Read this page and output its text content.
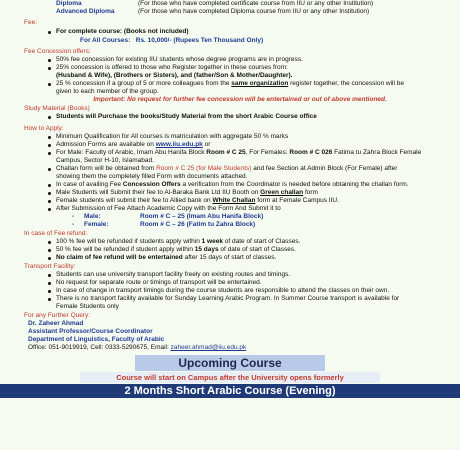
Diploma	(For those who have completed certificate course from IIU or any other Institution)
Advanced Diploma	(For those who have completed Diploma course from IIU or any other Institution)
Fee:
For complete course: (Books not included)
For All Courses: Rs. 10,000/- (Rupees Ten Thousand Only)
Fee Concession offers:
50% fee concession for existing IIU students whose degree programs are in progress.
25% concession is offered to those who Register together in these courses from:
(Husband & Wife), (Brothers or Sisters), and (father/Son & Mother/Daughter).
25 % concession if a group of 5 or more colleagues from the same organization register together, the concession will be
given to each member of the group.
Important: No request for further fee concession will be entertained or out of above mentioned.
Study Material (Books)
Students will Purchase the books/Study Material from the short Arabic Course office
How to Apply:
Minimum Qualification for All courses is matriculation with aggregate 50 % marks
Admission Forms are available on www.iiu.edu.pk or
For Male: Faculty of Arabic, Imam Abu Hanifa Block Room # C 25, For Females: Room # C 026 Fatima tu Zahra Block Female
Campus, Sector H-10, Islamabad.
Challan form will be obtained from Room # C 25 (for Male Students) and fee Section at Admin Block (For Female) after
showing them the completely filled Form with documents attached.
In case of availing Fee Concession Offers a verification from the Coordinator is needed before obtaining the challan form.
Male Students will Submit their fee to Al-Baraka Bank Ltd IIU Booth on Green challan form
Female students will submit their fee to Allied bank on White Challan form at Female Campus IIU.
After Submission of Fee Attach Academic Copy with the Form And Submit it to
- Male:	Room # C – 25 (Imam Abu Hanifa Block)
- Female:	Room # C – 26 (Fatim tu Zahra Block)
In case of Fee refund:
100 % fee will be refunded if students apply within 1 week of date of start of Classes.
50 % fee will be refunded if student apply within 15 days of date of start of Classes.
No claim of fee refund will be entertained after 15 days of start of classes.
Transport Facility:
Students can use university transport facility freely on existing routes and timings.
No request for separate route or timings of transport will be entertained.
In case of change in transport timings during the course students are responsible to attend the classes on their own.
There is no transport facility available for Sunday Learning Arabic Program. In Summer Course transport is available for
Female Students only
For any Further Query:
Dr. Zaheer Ahmad
Assistant Professor/Course Coordinator
Department of Linguistics, Faculty of Arabic
Office: 051-9019919, Cell: 0333-5290675, Email: zaheer.ahmad@iiu.edu.pk
Upcoming Course
Course will start on Campus after the University opens formerly
2 Months Short Arabic Course (Evening)
